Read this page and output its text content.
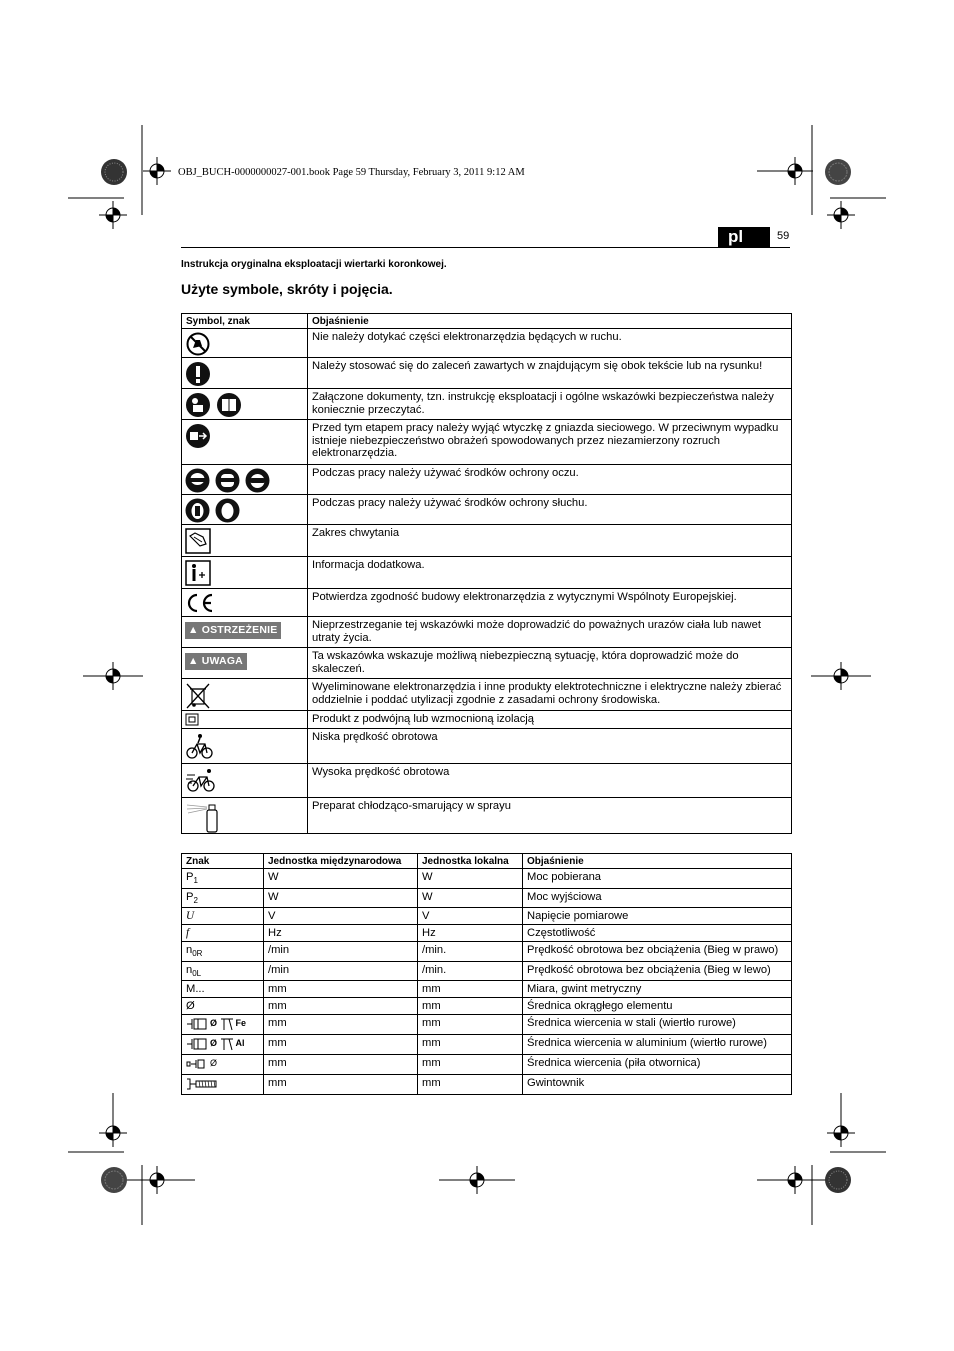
OBJ_BUCH-0000000027-001.book Page 59 Thursday, February 3, 2011 9:12 AM
pl	59
Instrukcja oryginalna eksploatacji wiertarki koronkowej.
Użyte symbole, skróty i pojęcia.
Symbol, znak	Objaśnienie
	Nie należy dotykać części elektronarzędzia będących w ruchu.
	Należy stosować się do zaleceń zawartych w znajdującym się obok tekście lub na rysunku!
	Załączone dokumenty, tzn. instrukcję eksploatacji i ogólne wskazówki bezpieczeństwa należy koniecznie przeczytać.
	Przed tym etapem pracy należy wyjąć wtyczkę z gniazda sieciowego. W przeciwnym wypadku istnieje niebezpieczeństwo obrażeń spowodowanych przez niezamierzony rozruch elektronarzędzia.
	Podczas pracy należy używać środków ochrony oczu.
	Podczas pracy należy używać środków ochrony słuchu.
	Zakres chwytania
	Informacja dodatkowa.
	Potwierdza zgodność budowy elektronarzędzia z wytycznymi Wspólnoty Europejskiej.
▲ OSTRZEŻENIE	Nieprzestrzeganie tej wskazówki może doprowadzić do poważnych urazów ciała lub nawet utraty życia.
▲ UWAGA	Ta wskazówka wskazuje możliwą niebezpieczną sytuację, która doprowadzić może do skaleczeń.
	Wyeliminowane elektronarzędzia i inne produkty elektrotechniczne i elektryczne należy zbierać oddzielnie i poddać utylizacji zgodnie z zasadami ochrony środowiska.
	Produkt z podwójną lub wzmocnioną izolacją
	Niska prędkość obrotowa
	Wysoka prędkość obrotowa
	Preparat chłodząco-smarujący w sprayu
Znak	Jednostka międzynarodowa	Jednostka lokalna	Objaśnienie
$P_1$	W	W	Moc pobierana
$P_2$	W	W	Moc wyjściowa
U	V	V	Napięcie pomiarowe
f	Hz	Hz	Częstotliwość
$n_{0R}$	/min	/min.	Prędkość obrotowa bez obciążenia (Bieg w prawo)
$n_{0L}$	/min	/min.	Prędkość obrotowa bez obciążenia (Bieg w lewo)
M...	mm	mm	Miara, gwint metryczny
Ø	mm	mm	Średnica okrągłego elementu
Ø Fe	mm	mm	Średnica wiercenia w stali (wiertło rurowe)
Ø Al	mm	mm	Średnica wiercenia w aluminium (wiertło rurowe)
Ø	mm	mm	Średnica wiercenia (piła otwornica)
	mm	mm	Gwintownik
